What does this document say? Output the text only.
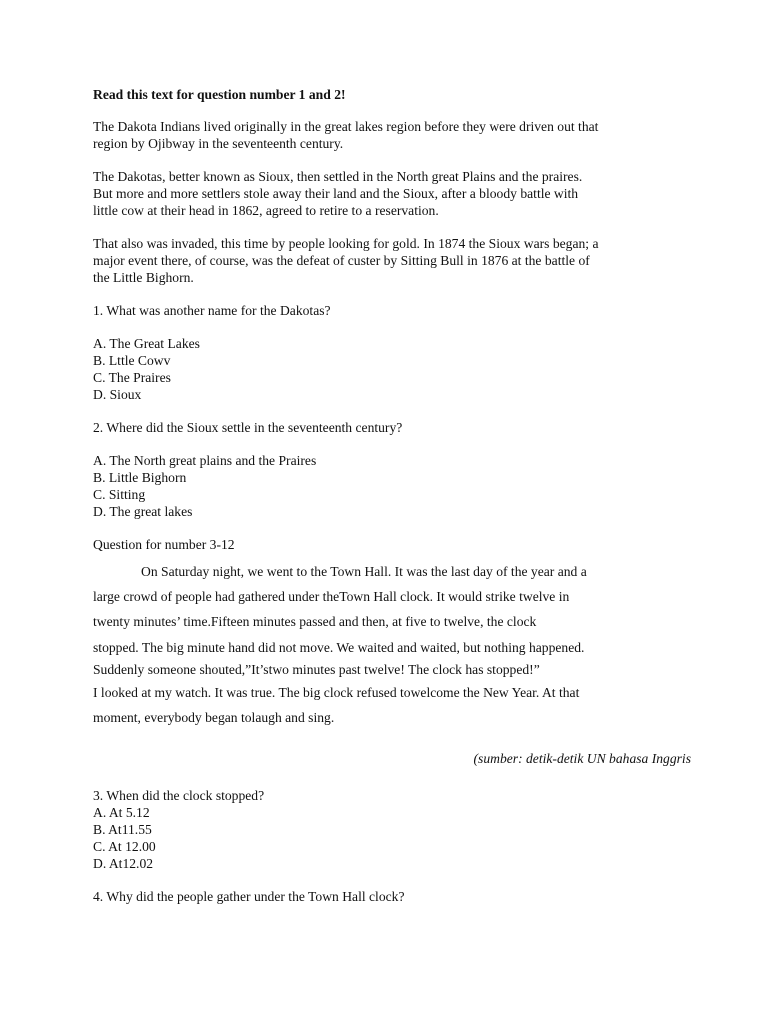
Read this text for question number 1 and 2!
The Dakota Indians lived originally in the great lakes region before they were driven out that
region by Ojibway in the seventeenth century.
The Dakotas, better known as Sioux, then settled in the North great Plains and the praires.
But more and more settlers stole away their land and the Sioux, after a bloody battle with
little cow at their head in 1862, agreed to retire to a reservation.
That also was invaded, this time by people looking for gold. In 1874 the Sioux wars began; a
major event there, of course, was the defeat of custer by Sitting Bull in 1876 at the battle of
the Little Bighorn.
1. What was another name for the Dakotas?
A. The Great Lakes
B. Lttle Cowv
C. The Praires
D. Sioux
2. Where did the Sioux settle in the seventeenth century?
A. The North great plains and the Praires
B. Little Bighorn
C. Sitting
D. The great lakes
Question for number 3-12
On Saturday night, we went to the Town Hall. It was the last day of the year and a
large crowd of people had gathered under theTown Hall clock. It would strike twelve in
twenty minutes’ time.Fifteen minutes passed and then, at five to twelve, the clock
stopped. The big minute hand did not move. We waited and waited, but nothing happened.
Suddenly someone shouted,”It’stwo minutes past twelve! The clock has stopped!”
I looked at my watch. It was true. The big clock refused towelcome the New Year. At that
moment, everybody began tolaugh and sing.
(sumber: detik-detik UN bahasa Inggris
3. When did the clock stopped?
A. At 5.12
B. At11.55
C. At 12.00
D. At12.02
4. Why did the people gather under the Town Hall clock?
